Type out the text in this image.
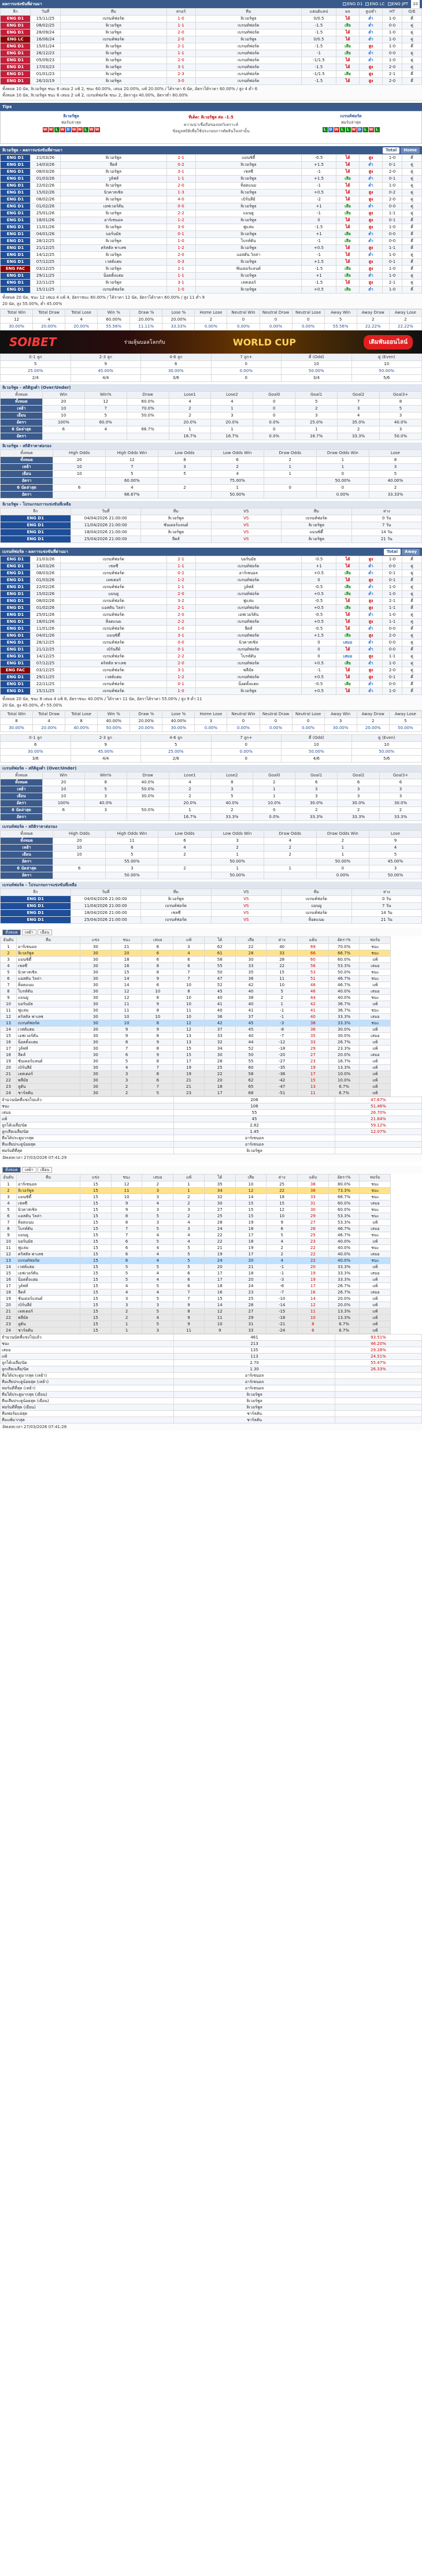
ผลการแข่งขันที่ผ่านมา	ENG D1	ENG LC	ENG-JPT	10
ลีก	วันที่	ทีม	สกอร์	ทีม	แฮนดิแคป	ผล	สูง/ต่ำ	HT	O/E
ENG D1	15/11/25	เบรนท์ฟอร์ด	1-0	ลิเวอร์พูล	0/0.5	ได้	ต่ำ	1-0	คี่
ENG D1	08/02/25	ลิเวอร์พูล	1-1	เบรนท์ฟอร์ด	-1.5	เสีย	ต่ำ	0-0	คู่
ENG D1	28/09/24	ลิเวอร์พูล	2-0	เบรนท์ฟอร์ด	-1.5	ได้	ต่ำ	1-0	คู่
ENG LC	16/06/24	เบรนท์ฟอร์ด	2-0	ลิเวอร์พูล	0/0.5	ได้	ต่ำ	1-0	คู่
ENG D1	15/01/24	ลิเวอร์พูล	2-1	เบรนท์ฟอร์ด	-1.5	เสีย	สูง	1-0	คี่
ENG D1	26/12/23	ลิเวอร์พูล	1-1	เบรนท์ฟอร์ด	-1	เสีย	ต่ำ	0-0	คู่
ENG D1	05/09/23	ลิเวอร์พูล	2-0	เบรนท์ฟอร์ด	-1/1.5	ได้	ต่ำ	1-0	คู่
ENG D1	17/03/23	ลิเวอร์พูล	3-1	เบรนท์ฟอร์ด	-1.5	ได้	สูง	2-0	คู่
ENG D1	01/01/23	ลิเวอร์พูล	2-3	เบรนท์ฟอร์ด	-1/1.5	เสีย	สูง	2-1	คี่
ENG D1	26/10/19	ลิเวอร์พูล	3-0	เบรนท์ฟอร์ด	-1.5	ได้	สูง	2-0	คี่
ทั้งหมด 10 นัด, ลิเวอร์พูล ชนะ 6 เสมอ 2 แพ้ 2, ชนะ 60.00%, เสมอ 20.00%, แพ้ 20.00% / ได้ราคา 6 นัด, อัตราได้ราคา 60.00% / สูง 4 ต่ำ 6
ทั้งหมด 10 นัด, ลิเวอร์พูล ชนะ 6 เสมอ 2 แพ้ 2, เบรนท์ฟอร์ด ชนะ 2, อัตราสูง 40.00%, อัตราต่ำ 60.00%
Tips
ลิเวอร์พูล
ฟอร์มล่าสุด
W W L W D W W L W W
ทีเด็ด: ลิเวอร์พูล ต่อ -1.5
ความน่าเชื่อถือของบทวิเคราะห์
ข้อมูลสถิติเพื่อใช้ประกอบการตัดสินใจเท่านั้น
เบรนท์ฟอร์ด
ฟอร์มล่าสุด
L D W L	L W D L W L
ลิเวอร์พูล - ผลการแข่งขันที่ผ่านมา	Total	Home
ENG D1	21/03/26	ลิเวอร์พูล	2-1	แมนซิตี้	-0.5	ได้	สูง	1-0	คี่
ENG D1	14/03/26	ลีดส์	0-2	ลิเวอร์พูล	+1.5	ได้	ต่ำ	0-1	คู่
ENG D1	08/03/26	ลิเวอร์พูล	3-1	เชลซี	-1	ได้	สูง	2-0	คู่
ENG D1	01/03/26	วูล์ฟส์	1-1	ลิเวอร์พูล	+1.5	เสีย	ต่ำ	0-1	คู่
ENG D1	22/02/26	ลิเวอร์พูล	2-0	ท็อตแนม	-1	ได้	ต่ำ	1-0	คู่
ENG D1	15/02/26	นิวคาสเซิล	1-3	ลิเวอร์พูล	+0.5	ได้	สูง	0-2	คู่
ENG D1	08/02/26	ลิเวอร์พูล	4-0	เบิร์นลีย์	-2	ได้	สูง	2-0	คู่
ENG D1	01/02/26	เอฟเวอร์ตัน	0-0	ลิเวอร์พูล	+1	เสีย	ต่ำ	0-0	คู่
ENG D1	25/01/26	ลิเวอร์พูล	2-2	แมนยู	-1	เสีย	สูง	1-1	คู่
ENG D1	18/01/26	อาร์เซนอล	1-2	ลิเวอร์พูล	0	ได้	สูง	0-1	คี่
ENG D1	11/01/26	ลิเวอร์พูล	3-0	ฟูแล่ม	-1.5	ได้	สูง	1-0	คี่
ENG D1	04/01/26	บอร์นมัธ	0-1	ลิเวอร์พูล	+1	เสีย	ต่ำ	0-0	คี่
ENG D1	28/12/25	ลิเวอร์พูล	1-0	ไบรท์ตัน	-1	เสีย	ต่ำ	0-0	คี่
ENG D1	21/12/25	คริสตัล พาเลซ	1-2	ลิเวอร์พูล	+0.5	ได้	สูง	1-1	คี่
ENG D1	14/12/25	ลิเวอร์พูล	2-0	แอสตัน วิลล่า	-1	ได้	ต่ำ	1-0	คู่
ENG D1	07/12/25	เวสต์แฮม	0-3	ลิเวอร์พูล	+1.5	ได้	สูง	0-1	คี่
ENG FAC	03/12/25	ลิเวอร์พูล	2-1	ซันเดอร์แลนด์	-1.5	เสีย	สูง	1-0	คี่
ENG D1	29/11/25	น็อตติ้งแฮม	1-1	ลิเวอร์พูล	+1	เสีย	ต่ำ	1-0	คู่
ENG D1	22/11/25	ลิเวอร์พูล	3-1	เลสเตอร์	-1.5	ได้	สูง	2-1	คู่
ENG D1	15/11/25	เบรนท์ฟอร์ด	1-0	ลิเวอร์พูล	+0.5	เสีย	ต่ำ	1-0	คี่
ทั้งหมด 20 นัด, ชนะ 12 เสมอ 4 แพ้ 4, อัตราชนะ 60.00% / ได้ราคา 12 นัด, อัตราได้ราคา 60.00% / สูง 11 ต่ำ 9
20 นัด, สูง 55.00%, ต่ำ 45.00%
Total Win	Total Draw	Total Lose	Win %	Draw %	Lose %	Home Lose	Neutral Win	Neutral Draw	Neutral Lose	Away Win	Away Draw	Away Lose
12	4	4	60.00%	20.00%	20.00%	2	0	0	0	5	2	2
30.00%	20.00%	20.00%	55.56%	11.11%	33.33%	0.00%	0.00%	0.00%	0.00%	55.56%	22.22%	22.22%
SOIBET	ร่วมลุ้นบอลโลกกับ	WORLD CUP	เดิมพันออนไลน์
0-1 ลูก	2-3 ลูก	4-6 ลูก	7 ลูก+	คี่ (Odd)	คู่ (Even)
5	9	6	0	10	10
25.00%	45.00%	30.00%	0.00%	50.00%	50.00%
2/4	4/4	3/6	0	3/4	5/6
ลิเวอร์พูล - สถิติสูงต่ำ (Over/Under)
ทั้งหมด	Win	Win%	Draw	Lose1	Lose2	Goal0	Goal1	Goal2	Goal3+
ทั้งหมด	20	12	60.0%	4	4	0	5	7	8
เหย้า	10	7	70.0%	2	1	0	2	3	5
เยือน	10	5	50.0%	2	3	0	3	4	3
อัตรา	100%	60.0%		20.0%	20.0%	0.0%	25.0%	35.0%	40.0%
6 นัดล่าสุด	6	4	66.7%	1	1	0	1	2	3
อัตรา				16.7%	16.7%	0.0%	16.7%	33.3%	50.0%
ลิเวอร์พูล - สถิติราคาต่อรอง
ทั้งหมด	High Odds	High Odds Win	Low Odds	Low Odds Win	Draw Odds	Draw Odds Win	Lose
ทั้งหมด	20	12	8	6	2	1	8
เหย้า	10	7	3	2	1	1	3
เยือน	10	5	5	4	1	0	5
อัตรา		60.00%		75.00%		50.00%	40.00%
6 นัดล่าสุด	6	4	2	1	0	0	2
อัตรา		66.67%		50.00%		0.00%	33.33%
ลิเวอร์พูล - โปรแกรมการแข่งขันที่เหลือ
ลีก	วันที่	ทีม	VS	ทีม	ห่าง
ENG D1	04/04/2026 21:00:00	ลิเวอร์พูล	VS	เบรนท์ฟอร์ด	0 วัน
ENG D1	11/04/2026 21:00:00	ซันเดอร์แลนด์	VS	ลิเวอร์พูล	7 วัน
ENG D1	18/04/2026 21:00:00	ลิเวอร์พูล	VS	แมนซิตี้	14 วัน
ENG D1	25/04/2026 21:00:00	ลีดส์	VS	ลิเวอร์พูล	21 วัน
เบรนท์ฟอร์ด - ผลการแข่งขันที่ผ่านมา	Total	Away
ENG D1	21/03/26	เบรนท์ฟอร์ด	2-1	บอร์นมัธ	-0.5	ได้	สูง	1-0	คี่
ENG D1	14/03/26	เชลซี	1-1	เบรนท์ฟอร์ด	+1	ได้	ต่ำ	0-0	คู่
ENG D1	08/03/26	เบรนท์ฟอร์ด	0-2	อาร์เซนอล	+0.5	เสีย	ต่ำ	0-1	คู่
ENG D1	01/03/26	เลสเตอร์	1-2	เบรนท์ฟอร์ด	0	ได้	สูง	0-1	คี่
ENG D1	22/02/26	เบรนท์ฟอร์ด	1-1	วูล์ฟส์	-0.5	เสีย	ต่ำ	1-0	คู่
ENG D1	15/02/26	แมนยู	2-0	เบรนท์ฟอร์ด	+0.5	เสีย	ต่ำ	1-0	คู่
ENG D1	08/02/26	เบรนท์ฟอร์ด	3-2	ฟูแล่ม	-0.5	ได้	สูง	2-1	คี่
ENG D1	01/02/26	แอสตัน วิลล่า	2-1	เบรนท์ฟอร์ด	+0.5	เสีย	สูง	1-1	คี่
ENG D1	25/01/26	เบรนท์ฟอร์ด	2-0	เอฟเวอร์ตัน	-0.5	ได้	ต่ำ	1-0	คู่
ENG D1	18/01/26	ท็อตแนม	2-2	เบรนท์ฟอร์ด	+0.5	ได้	สูง	1-1	คู่
ENG D1	11/01/26	เบรนท์ฟอร์ด	1-0	ลีดส์	-0.5	ได้	ต่ำ	0-0	คี่
ENG D1	04/01/26	แมนซิตี้	3-1	เบรนท์ฟอร์ด	+1.5	เสีย	สูง	2-0	คู่
ENG D1	28/12/25	เบรนท์ฟอร์ด	0-0	นิวคาสเซิล	0	เสมอ	ต่ำ	0-0	คู่
ENG D1	21/12/25	เบิร์นลีย์	0-1	เบรนท์ฟอร์ด	0	ได้	ต่ำ	0-0	คี่
ENG D1	14/12/25	เบรนท์ฟอร์ด	2-2	ไบรท์ตัน	0	เสมอ	สูง	1-1	คู่
ENG D1	07/12/25	คริสตัล พาเลซ	2-0	เบรนท์ฟอร์ด	+0.5	เสีย	ต่ำ	1-0	คู่
ENG FAC	03/12/25	เบรนท์ฟอร์ด	3-1	พลีมัธ	-1	ได้	สูง	2-0	คู่
ENG D1	29/11/25	เวสต์แฮม	1-2	เบรนท์ฟอร์ด	+0.5	ได้	สูง	0-1	คี่
ENG D1	22/11/25	เบรนท์ฟอร์ด	0-1	น็อตติ้งแฮม	-0.5	เสีย	ต่ำ	0-0	คี่
ENG D1	15/11/25	เบรนท์ฟอร์ด	1-0	ลิเวอร์พูล	+0.5	ได้	ต่ำ	1-0	คี่
ทั้งหมด 20 นัด, ชนะ 8 เสมอ 4 แพ้ 8, อัตราชนะ 40.00% / ได้ราคา 11 นัด, อัตราได้ราคา 55.00% / สูง 9 ต่ำ 11
20 นัด, สูง 45.00%, ต่ำ 55.00%
Total Win	Total Draw	Total Lose	Win %	Draw %	Lose %	Home Lose	Neutral Win	Neutral Draw	Neutral Lose	Away Win	Away Draw	Away Lose
8	4	8	40.00%	20.00%	40.00%	3	0	0	0	3	2	5
30.00%	20.00%	40.00%	50.00%	20.00%	30.00%	0.00%	0.00%	0.00%	0.00%	30.00%	20.00%	50.00%
0-1 ลูก	2-3 ลูก	4-6 ลูก	7 ลูก+	คี่ (Odd)	คู่ (Even)
6	9	5	0	10	10
30.00%	45.00%	25.00%	0.00%	50.00%	50.00%
3/6	4/4	2/6	0	4/6	5/6
เบรนท์ฟอร์ด - สถิติสูงต่ำ (Over/Under)
ทั้งหมด	Win	Win%	Draw	Lose1	Lose2	Goal0	Goal1	Goal2	Goal3+
ทั้งหมด	20	8	40.0%	4	8	2	6	6	6
เหย้า	10	5	50.0%	2	3	1	3	3	3
เยือน	10	3	30.0%	2	5	1	3	3	3
อัตรา	100%	40.0%		20.0%	40.0%	10.0%	30.0%	30.0%	30.0%
6 นัดล่าสุด	6	3	50.0%	1	2	0	2	2	2
อัตรา				16.7%	33.3%	0.0%	33.3%	33.3%	33.3%
เบรนท์ฟอร์ด - สถิติราคาต่อรอง
ทั้งหมด	High Odds	High Odds Win	Low Odds	Low Odds Win	Draw Odds	Draw Odds Win	Lose
ทั้งหมด	20	11	6	3	4	2	9
เหย้า	10	6	4	2	2	1	4
เยือน	10	5	2	1	2	1	5
อัตรา		55.00%		50.00%		50.00%	45.00%
6 นัดล่าสุด	6	3	2	1	1	0	3
อัตรา		50.00%		50.00%		0.00%	50.00%
เบรนท์ฟอร์ด - โปรแกรมการแข่งขันที่เหลือ
ลีก	วันที่	ทีม	VS	ทีม	ห่าง
ENG D1	04/04/2026 21:00:00	ลิเวอร์พูล	VS	เบรนท์ฟอร์ด	0 วัน
ENG D1	11/04/2026 21:00:00	เบรนท์ฟอร์ด	VS	แมนยู	7 วัน
ENG D1	18/04/2026 21:00:00	เชลซี	VS	เบรนท์ฟอร์ด	14 วัน
ENG D1	25/04/2026 21:00:00	เบรนท์ฟอร์ด	VS	ท็อตแนม	21 วัน
ทั้งหมด	เหย้า	เยือน
อันดับ	ทีม	แข่ง	ชนะ	เสมอ	แพ้	ได้	เสีย	ต่าง	แต้ม	อัตรา%	ฟอร์ม
1	อาร์เซนอล	30	21	6	3	62	22	40	69	70.0%	ชนะ
2	ลิเวอร์พูล	30	20	6	4	61	28	33	66	66.7%	ชนะ
3	แมนซิตี้	30	18	6	6	58	30	28	60	60.0%	แพ้
4	เชลซี	30	16	8	6	55	33	22	56	53.3%	เสมอ
5	นิวคาสเซิล	30	15	8	7	50	35	15	53	50.0%	ชนะ
6	แอสตัน วิลล่า	30	14	9	7	47	36	11	51	46.7%	ชนะ
7	ท็อตแนม	30	14	6	10	52	42	10	48	46.7%	แพ้
8	ไบรท์ตัน	30	12	10	8	45	40	5	46	40.0%	เสมอ
9	แมนยู	30	12	8	10	40	38	2	44	40.0%	ชนะ
10	บอร์นมัธ	30	11	9	10	41	40	1	42	36.7%	แพ้
11	ฟูแล่ม	30	11	8	11	40	41	-1	41	36.7%	ชนะ
12	คริสตัล พาเลซ	30	10	10	10	36	37	-1	40	33.3%	เสมอ
13	เบรนท์ฟอร์ด	30	10	8	12	42	45	-3	38	33.3%	ชนะ
14	เวสต์แฮม	30	9	9	12	37	45	-8	36	30.0%	แพ้
15	เอฟเวอร์ตัน	30	9	8	13	33	40	-7	35	30.0%	เสมอ
16	น็อตติ้งแฮม	30	8	9	13	32	44	-12	33	26.7%	แพ้
17	วูล์ฟส์	30	7	8	15	34	52	-18	29	23.3%	แพ้
18	ลีดส์	30	6	9	15	30	50	-20	27	20.0%	เสมอ
19	ซันเดอร์แลนด์	30	5	8	17	28	55	-27	23	16.7%	แพ้
20	เบิร์นลีย์	30	4	7	19	25	60	-35	19	13.3%	แพ้
21	เลสเตอร์	30	3	8	19	22	58	-36	17	10.0%	แพ้
22	พลีมัธ	30	3	6	21	20	62	-42	15	10.0%	แพ้
23	ลูตัน	30	2	7	21	18	65	-47	13	6.7%	แพ้
24	ชาร์ลตัน	30	2	5	23	17	68	-51	11	6.7%	แพ้
จำนวนนัดที่แข่งไปแล้ว	206	47.67%
ชนะ	106	51.46%
เสมอ	55	26.70%
แพ้	45	21.84%
ลูกได้เฉลี่ย/นัด	2.82	59.12%
ลูกเสียเฉลี่ย/นัด	1.45	12.07%
ทีมได้ประตูมากสุด	อาร์เซนอล	
ทีมเสียประตูน้อยสุด	อาร์เซนอล	
ฟอร์มดีที่สุด	ลิเวอร์พูล	
อัพเดทเวลา 27/03/2026 07:41:29
ทั้งหมด	เหย้า	เยือน
อันดับ	ทีม	แข่ง	ชนะ	เสมอ	แพ้	ได้	เสีย	ต่าง	แต้ม	อัตรา%	ฟอร์ม
1	อาร์เซนอล	15	12	2	1	35	10	25	38	80.0%	ชนะ
2	ลิเวอร์พูล	15	11	3	1	34	12	22	36	73.3%	ชนะ
3	แมนซิตี้	15	10	3	2	32	14	18	33	66.7%	ชนะ
4	เชลซี	15	9	4	2	30	15	15	31	60.0%	เสมอ
5	นิวคาสเซิล	15	9	3	3	27	15	12	30	60.0%	ชนะ
6	แอสตัน วิลล่า	15	8	5	2	25	15	10	29	53.3%	ชนะ
7	ท็อตแนม	15	8	3	4	28	19	9	27	53.3%	แพ้
8	ไบรท์ตัน	15	7	5	3	24	18	6	26	46.7%	เสมอ
9	แมนยู	15	7	4	4	22	17	5	25	46.7%	ชนะ
10	บอร์นมัธ	15	6	5	4	22	18	4	23	40.0%	แพ้
11	ฟูแล่ม	15	6	4	5	21	19	2	22	40.0%	ชนะ
12	คริสตัล พาเลซ	15	6	4	5	19	17	2	22	40.0%	เสมอ
13	เบรนท์ฟอร์ด	15	6	4	5	24	20	4	22	40.0%	ชนะ
14	เวสต์แฮม	15	5	5	5	20	21	-1	20	33.3%	แพ้
15	เอฟเวอร์ตัน	15	5	4	6	17	18	-1	19	33.3%	เสมอ
16	น็อตติ้งแฮม	15	5	4	6	17	20	-3	19	33.3%	แพ้
17	วูล์ฟส์	15	4	5	6	18	24	-6	17	26.7%	แพ้
18	ลีดส์	15	4	4	7	16	23	-7	16	26.7%	เสมอ
19	ซันเดอร์แลนด์	15	3	5	7	15	25	-10	14	20.0%	แพ้
20	เบิร์นลีย์	15	3	3	9	14	28	-14	12	20.0%	แพ้
21	เลสเตอร์	15	2	5	8	12	27	-15	11	13.3%	แพ้
22	พลีมัธ	15	2	4	9	11	29	-18	10	13.3%	แพ้
23	ลูตัน	15	1	5	9	10	31	-21	8	6.7%	แพ้
24	ชาร์ลตัน	15	1	3	11	9	33	-24	6	6.7%	แพ้
จำนวนนัดที่แข่งไปแล้ว	461	93.51%
ชนะ	213	46.20%
เสมอ	135	29.28%
แพ้	113	24.51%
ลูกได้เฉลี่ย/นัด	2.70	55.47%
ลูกเสียเฉลี่ย/นัด	1.30	26.33%
ทีมได้ประตูมากสุด (เหย้า)	อาร์เซนอล	
ทีมเสียประตูน้อยสุด (เหย้า)	อาร์เซนอล	
ฟอร์มดีที่สุด (เหย้า)	อาร์เซนอล	
ทีมได้ประตูมากสุด (เยือน)	ลิเวอร์พูล	
ทีมเสียประตูน้อยสุด (เยือน)	ลิเวอร์พูล	
ฟอร์มดีที่สุด (เยือน)	ลิเวอร์พูล	
ทีมฟอร์มแย่สุด	ชาร์ลตัน	
ทีมแพ้มากสุด	ชาร์ลตัน	
อัพเดทเวลา 27/03/2026 07:41:28
